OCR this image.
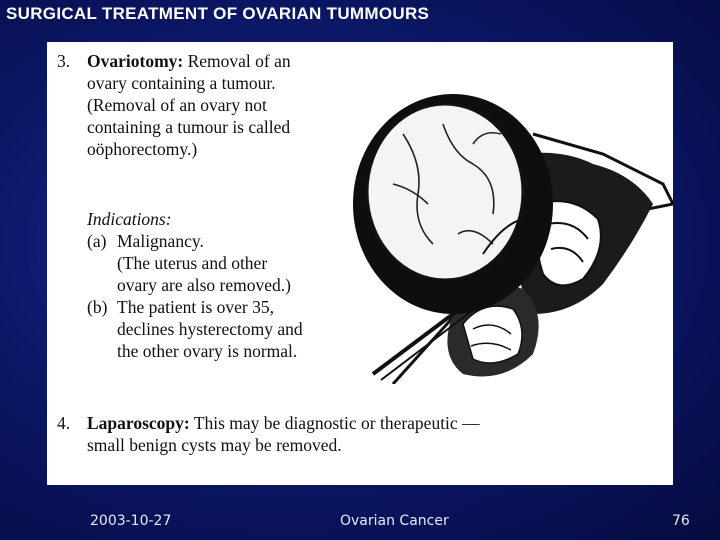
SURGICAL TREATMENT OF OVARIAN TUMMOURS
3. Ovariotomy: Removal of an
ovary containing a tumour.
(Removal of an ovary not
containing a tumour is called
oöphorectomy.)
Indications:
(a) Malignancy.
(The uterus and other
ovary are also removed.)
(b) The patient is over 35,
declines hysterectomy and
the other ovary is normal.
4. Laparoscopy: This may be diagnostic or therapeutic —
small benign cysts may be removed.
2003-10-27	Ovarian Cancer	76
